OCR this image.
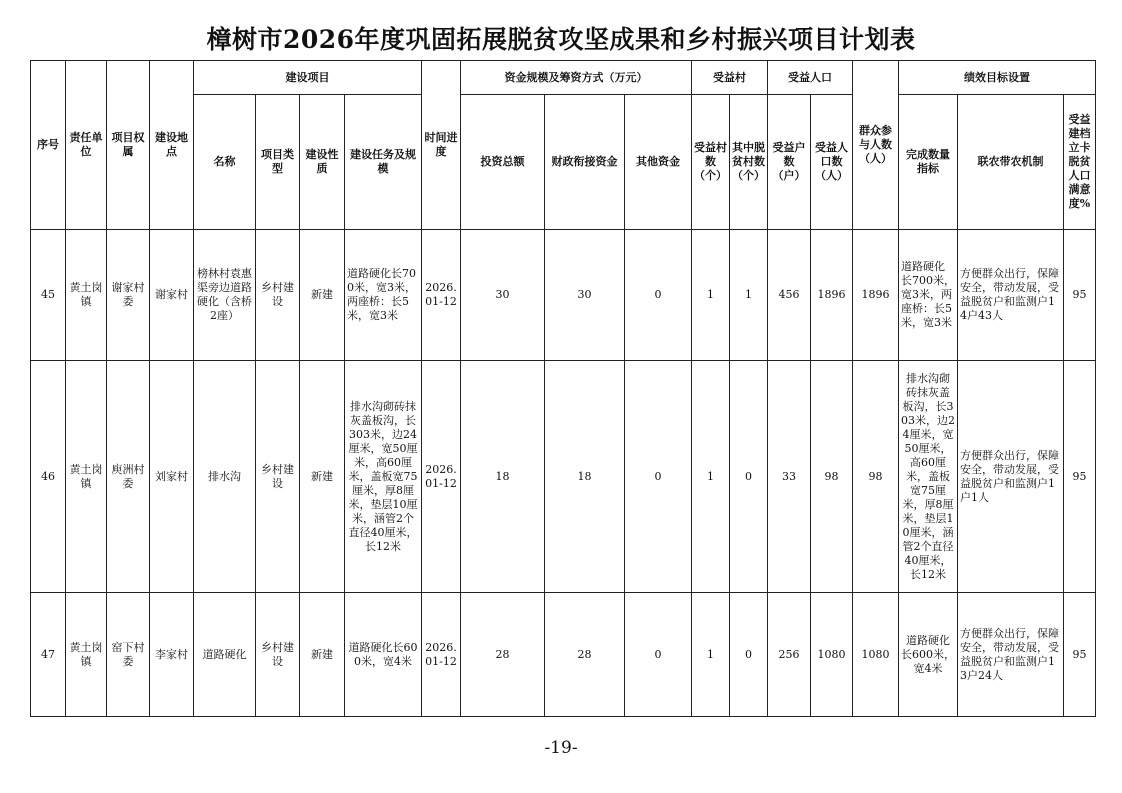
樟树市2026年度巩固拓展脱贫攻坚成果和乡村振兴项目计划表
序号	责任单位	项目权属	建设地点	建设项目				时间进度	资金规模及筹资方式（万元）			受益村		受益人口		群众参与人数（人）	绩效目标设置		
				名称	项目类型	建设性质	建设任务及规模		投资总额	财政衔接资金	其他资金	受益村数（个）	其中脱贫村数（个）	受益户数（户）	受益人口数（人）		完成数量指标	联农带农机制	受益建档立卡脱贫人口满意度%
45	黄土岗镇	谢家村委	谢家村	榜林村袁惠渠旁边道路硬化（含桥2座）	乡村建设	新建	道路硬化长700米，宽3米，两座桥：长5米，宽3米	2026.01-12	30	30	0	1	1	456	1896	1896	道路硬化长700米，宽3米，两座桥：长5米，宽3米	方便群众出行，保障安全，带动发展，受益脱贫户和监测户14户43人	95
46	黄土岗镇	庾洲村委	刘家村	排水沟	乡村建设	新建	排水沟砌砖抹灰盖板沟，长303米，边24厘米，宽50厘米，高60厘米，盖板宽75厘米，厚8厘米，垫层10厘米，涵管2个直径40厘米，长12米	2026.01-12	18	18	0	1	0	33	98	98	排水沟砌砖抹灰盖板沟，长303米，边24厘米，宽50厘米，高60厘米，盖板宽75厘米，厚8厘米，垫层10厘米，涵管2个直径40厘米，长12米	方便群众出行，保障安全，带动发展，受益脱贫户和监测户1户1人	95
47	黄土岗镇	窑下村委	李家村	道路硬化	乡村建设	新建	道路硬化长600米，宽4米	2026.01-12	28	28	0	1	0	256	1080	1080	道路硬化长600米，宽4米	方便群众出行，保障安全，带动发展，受益脱贫户和监测户13户24人	95
-19-
